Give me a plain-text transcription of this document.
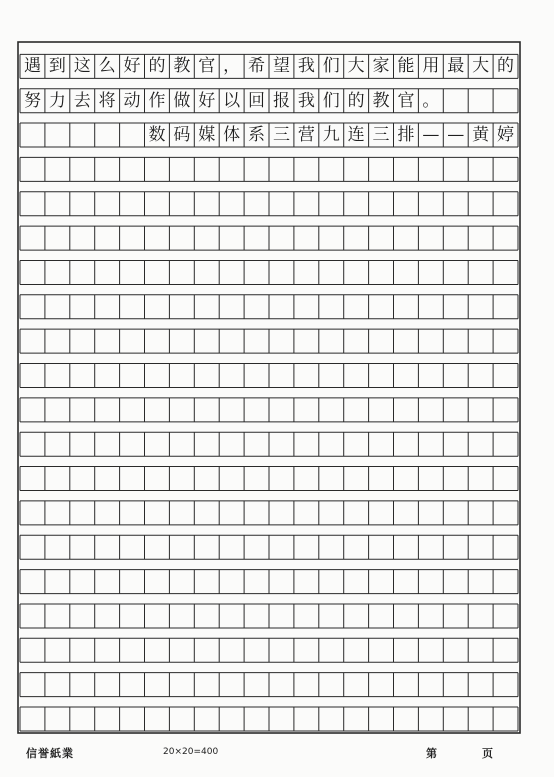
遇 到 这 么 好 的 教 官 ， 希 望 我 们 大 家 能 用 最 大 的
努 力 去 将 动 作 做 好 以 回 报 我 们 的 教 官 。
数 码 媒 体 系 三 营 九 连 三 排 — — 黄 婷
信誉紙業	20×20=400	第	页
